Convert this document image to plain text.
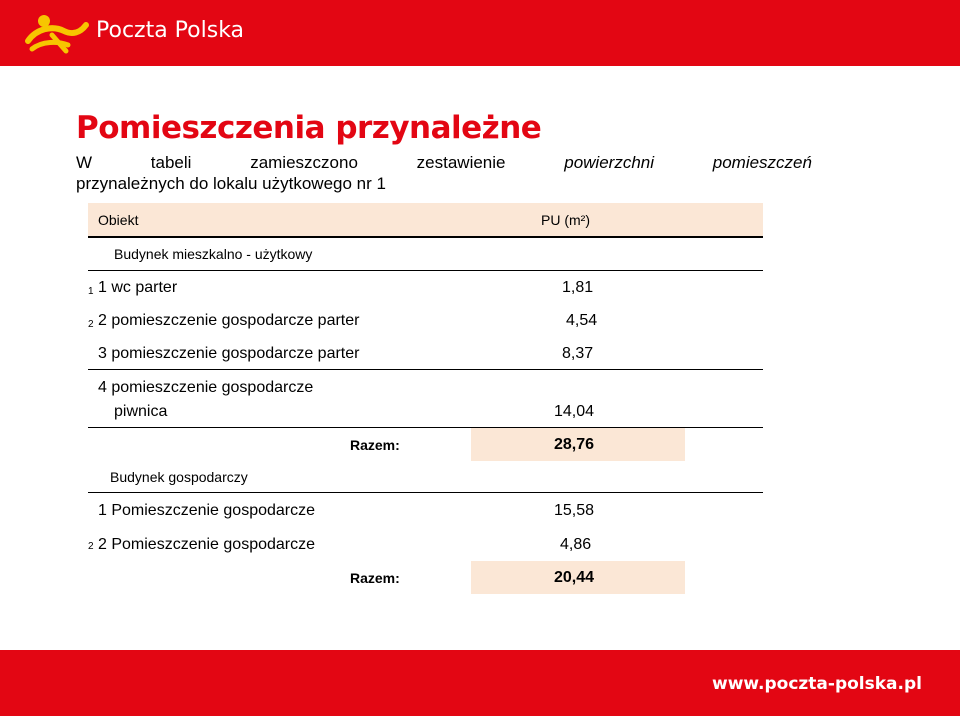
Poczta Polska
Pomieszczenia przynależne
W	tabeli	zamieszczono	zestawienie	powierzchni	pomieszczeń
przynależnych do lokalu użytkowego nr 1
Obiekt	PU (m²)
Budynek mieszkalno - użytkowy
1 1 wc parter	1,81
2 2 pomieszczenie gospodarcze parter	4,54
3 pomieszczenie gospodarcze parter	8,37
4 pomieszczenie gospodarcze
piwnica	14,04
Razem:	28,76
Budynek gospodarczy
1 Pomieszczenie gospodarcze	15,58
2 2 Pomieszczenie gospodarcze	4,86
Razem:	20,44
www.poczta-polska.pl
